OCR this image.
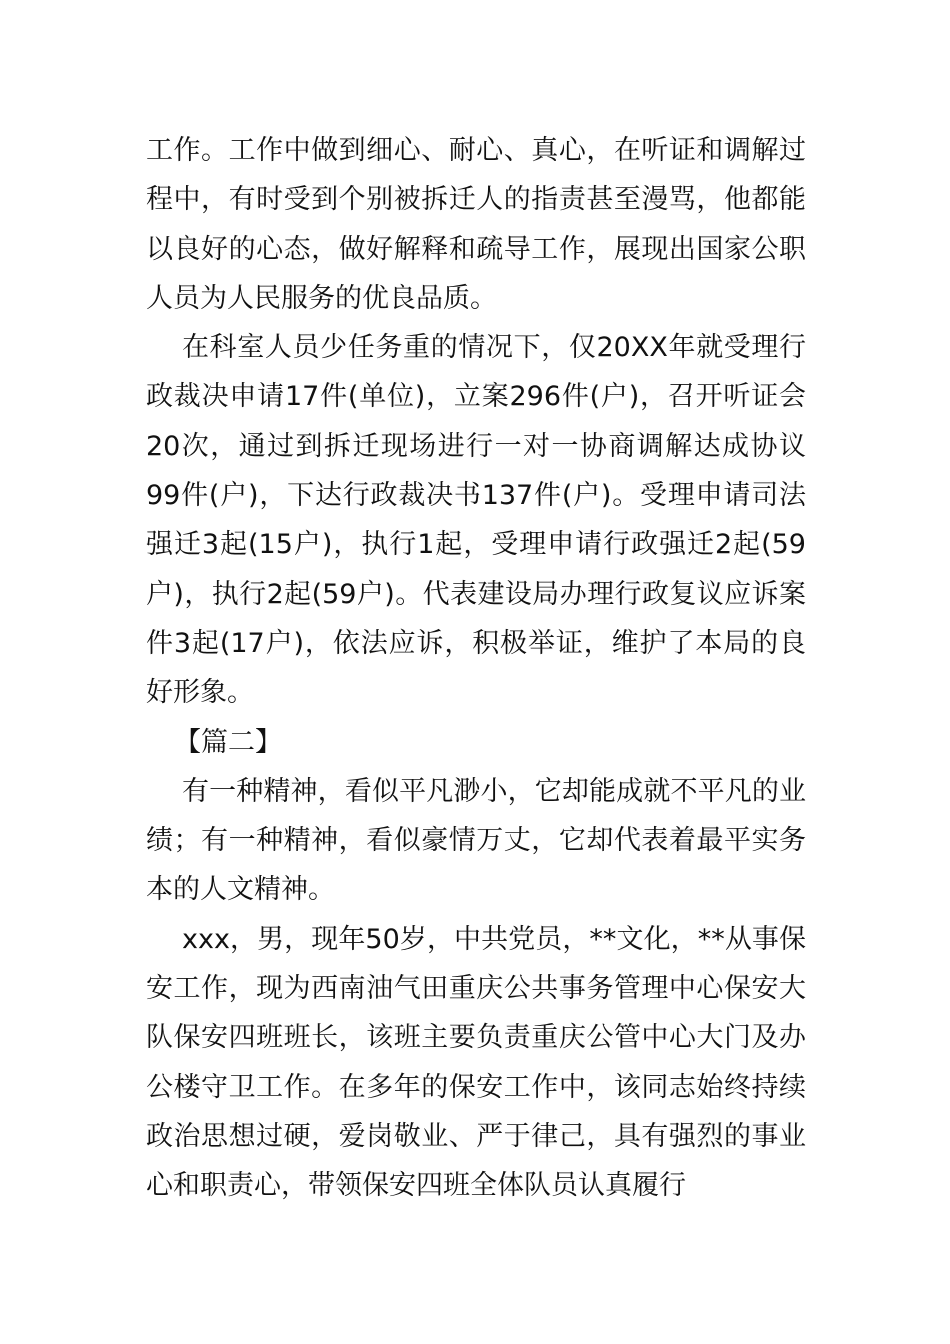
工作。工作中做到细心、耐心、真心，在听证和调解过程中，有时受到个别被拆迁人的指责甚至漫骂，他都能以良好的心态，做好解释和疏导工作，展现出国家公职人员为人民服务的优良品质。

在科室人员少任务重的情况下，仅20XX年就受理行政裁决申请17件(单位)，立案296件(户)，召开听证会20次，通过到拆迁现场进行一对一协商调解达成协议99件(户)，下达行政裁决书137件(户)。受理申请司法强迁3起(15户)，执行1起，受理申请行政强迁2起(59户)，执行2起(59户)。代表建设局办理行政复议应诉案件3起(17户)，依法应诉，积极举证，维护了本局的良好形象。

【篇二】

有一种精神，看似平凡渺小，它却能成就不平凡的业绩；有一种精神，看似豪情万丈，它却代表着最平实务本的人文精神。

xxx，男，现年50岁，中共党员，**文化，**从事保安工作，现为西南油气田重庆公共事务管理中心保安大队保安四班班长，该班主要负责重庆公管中心大门及办公楼守卫工作。在多年的保安工作中，该同志始终持续政治思想过硬，爱岗敬业、严于律己，具有强烈的事业心和职责心，带领保安四班全体队员认真履行
